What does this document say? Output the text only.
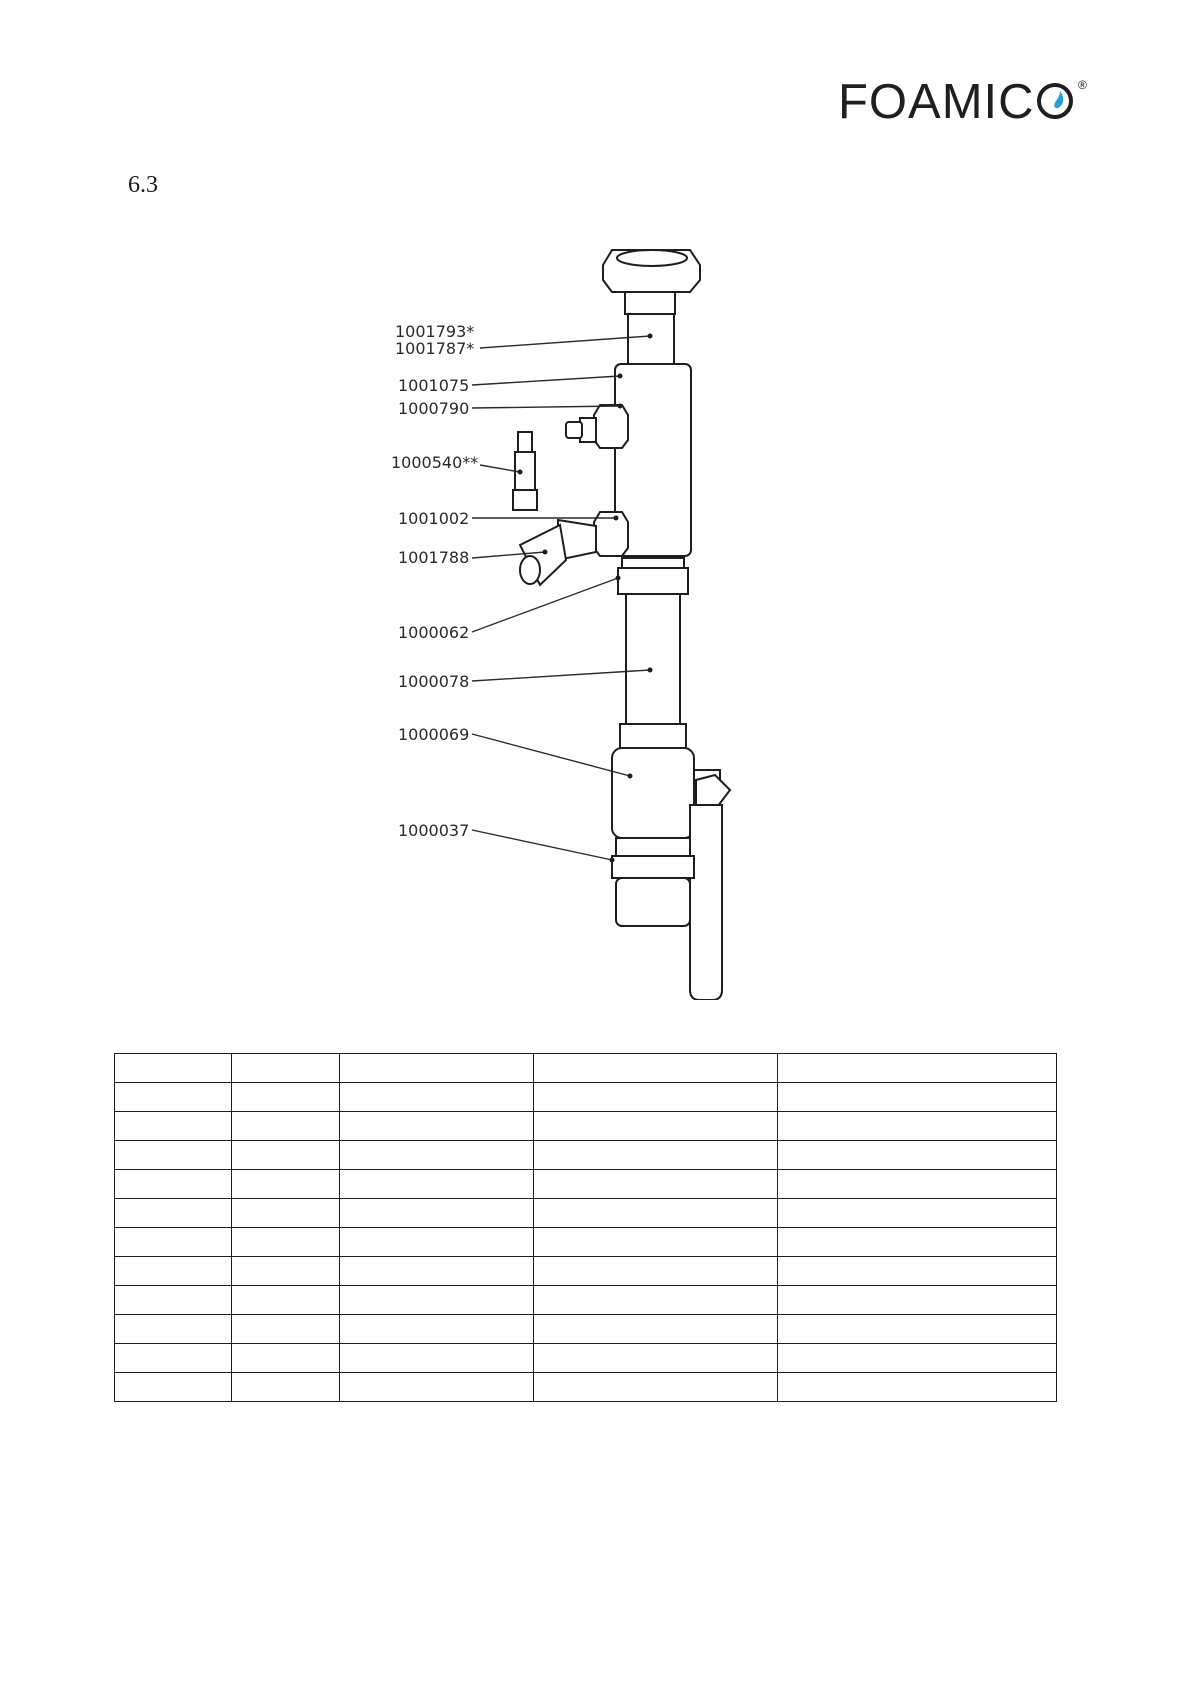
FOAMIC	®
6.3
1001793*
1001787*
1001075
1000790
1000540**
1001002
1001788
1000062
1000078
1000069
1000037
